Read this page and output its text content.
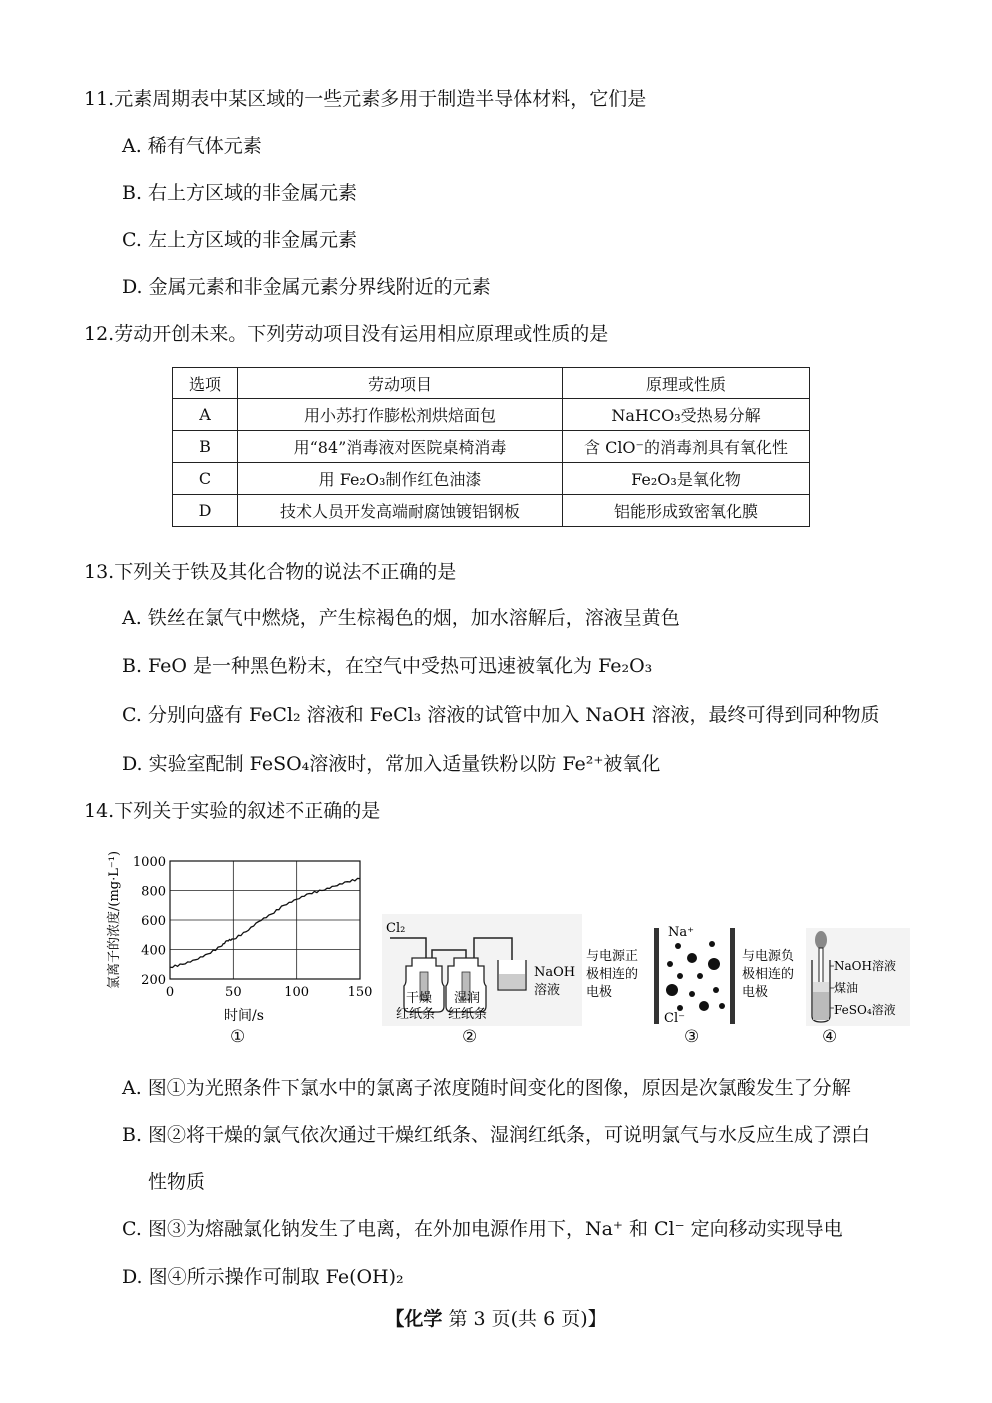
11.元素周期表中某区域的一些元素多用于制造半导体材料，它们是
A. 稀有气体元素
B. 右上方区域的非金属元素
C. 左上方区域的非金属元素
D. 金属元素和非金属元素分界线附近的元素
12.劳动开创未来。下列劳动项目没有运用相应原理或性质的是
选项	劳动项目	原理或性质
A	用小苏打作膨松剂烘焙面包	NaHCO₃受热易分解
B	用“84”消毒液对医院桌椅消毒	含 ClO⁻的消毒剂具有氧化性
C	用 Fe₂O₃制作红色油漆	Fe₂O₃是氧化物
D	技术人员开发高端耐腐蚀镀铝钢板	铝能形成致密氧化膜
13.下列关于铁及其化合物的说法不正确的是
A. 铁丝在氯气中燃烧，产生棕褐色的烟，加水溶解后，溶液呈黄色
B. FeO 是一种黑色粉末，在空气中受热可迅速被氧化为 Fe₂O₃
C. 分别向盛有 FeCl₂ 溶液和 FeCl₃ 溶液的试管中加入 NaOH 溶液，最终可得到同种物质
D. 实验室配制 FeSO₄溶液时，常加入适量铁粉以防 Fe²⁺被氧化
14.下列关于实验的叙述不正确的是
1000
800
600
400
200
0	50	100	150
氯离子的浓度/(mg·L⁻¹)
时间/s
①
Cl₂
NaOH
溶液
干燥
红纸条
湿润
红纸条
②
与电源正
极相连的
电极
Na⁺
Cl⁻
与电源负
极相连的
电极
③
NaOH溶液
煤油
FeSO₄溶液
④
A. 图①为光照条件下氯水中的氯离子浓度随时间变化的图像，原因是次氯酸发生了分解
B. 图②将干燥的氯气依次通过干燥红纸条、湿润红纸条，可说明氯气与水反应生成了漂白
性物质
C. 图③为熔融氯化钠发生了电离，在外加电源作用下，Na⁺ 和 Cl⁻ 定向移动实现导电
D. 图④所示操作可制取 Fe(OH)₂
【化学 第 3 页(共 6 页)】
